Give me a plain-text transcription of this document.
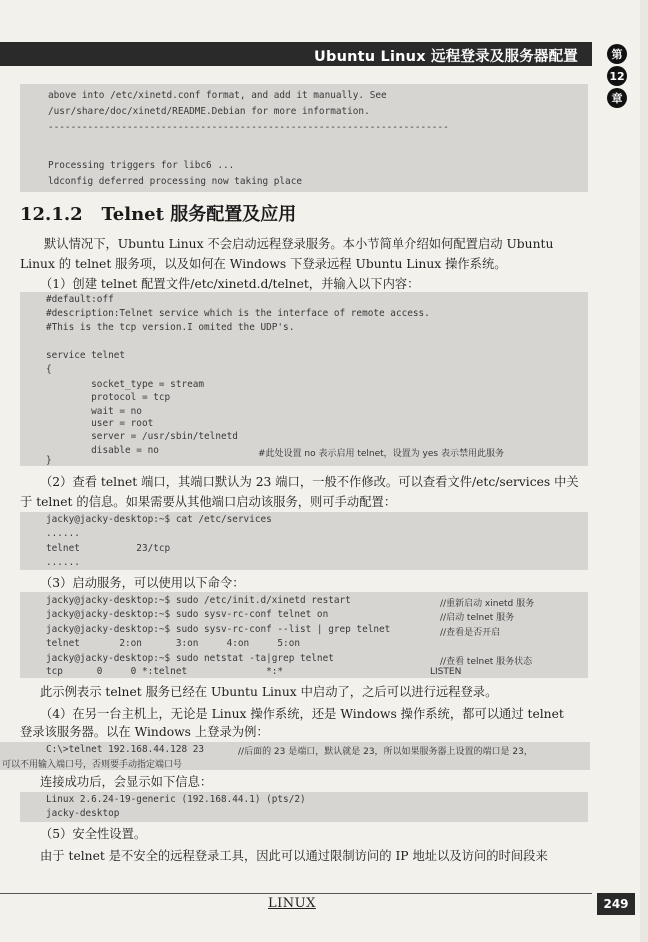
Ubuntu Linux 远程登录及服务器配置	第
12
章

above into /etc/xinetd.conf format, and add it manually. See

/usr/share/doc/xinetd/README.Debian for more information.

-----------------------------------------------------------------------

Processing triggers for libc6 ...

ldconfig deferred processing now taking place

12.1.2 Telnet 服务配置及应用
默认情况下，Ubuntu Linux 不会启动远程登录服务。本小节简单介绍如何配置启动 Ubuntu
Linux 的 telnet 服务项，以及如何在 Windows 下登录远程 Ubuntu Linux 操作系统。
（1）创建 telnet 配置文件/etc/xinetd.d/telnet，并输入以下内容：

#default:off

#description:Telnet service which is the interface of remote access.

#This is the tcp version.I omited the UDP's.

service telnet

{

socket_type = stream

protocol = tcp

wait = no

user = root

server = /usr/sbin/telnetd

disable = no

}

#此处设置 no 表示启用 telnet，设置为 yes 表示禁用此服务

（2）查看 telnet 端口，其端口默认为 23 端口，一般不作修改。可以查看文件/etc/services 中关
于 telnet 的信息。如果需要从其他端口启动该服务，则可手动配置：

jacky@jacky-desktop:~$ cat /etc/services

......

telnet          23/tcp

......

（3）启动服务，可以使用以下命令：

jacky@jacky-desktop:~$ sudo /etc/init.d/xinetd restart

jacky@jacky-desktop:~$ sudo sysv-rc-conf telnet on

jacky@jacky-desktop:~$ sudo sysv-rc-conf --list | grep telnet

telnet       2:on      3:on     4:on     5:on

jacky@jacky-desktop:~$ sudo netstat -ta|grep telnet

tcp      0     0 *:telnet              *:*

//重新启动 xinetd 服务

//启动 telnet 服务

//查看是否开启

//查看 telnet 服务状态

LISTEN

此示例表示 telnet 服务已经在 Ubuntu Linux 中启动了，之后可以进行远程登录。
（4）在另一台主机上，无论是 Linux 操作系统，还是 Windows 操作系统，都可以通过 telnet
登录该服务器。以在 Windows 上登录为例：

C:\>telnet 192.168.44.128 23

	//后面的 23 是端口，默认就是 23，所以如果服务器上设置的端口是 23，

可以不用输入端口号，否则要手动指定端口号

连接成功后，会显示如下信息：

Linux 2.6.24-19-generic (192.168.44.1) (pts/2)

jacky-desktop

（5）安全性设置。
由于 telnet 是不安全的远程登录工具，因此可以通过限制访问的 IP 地址以及访问的时间段来
LINUX	249
